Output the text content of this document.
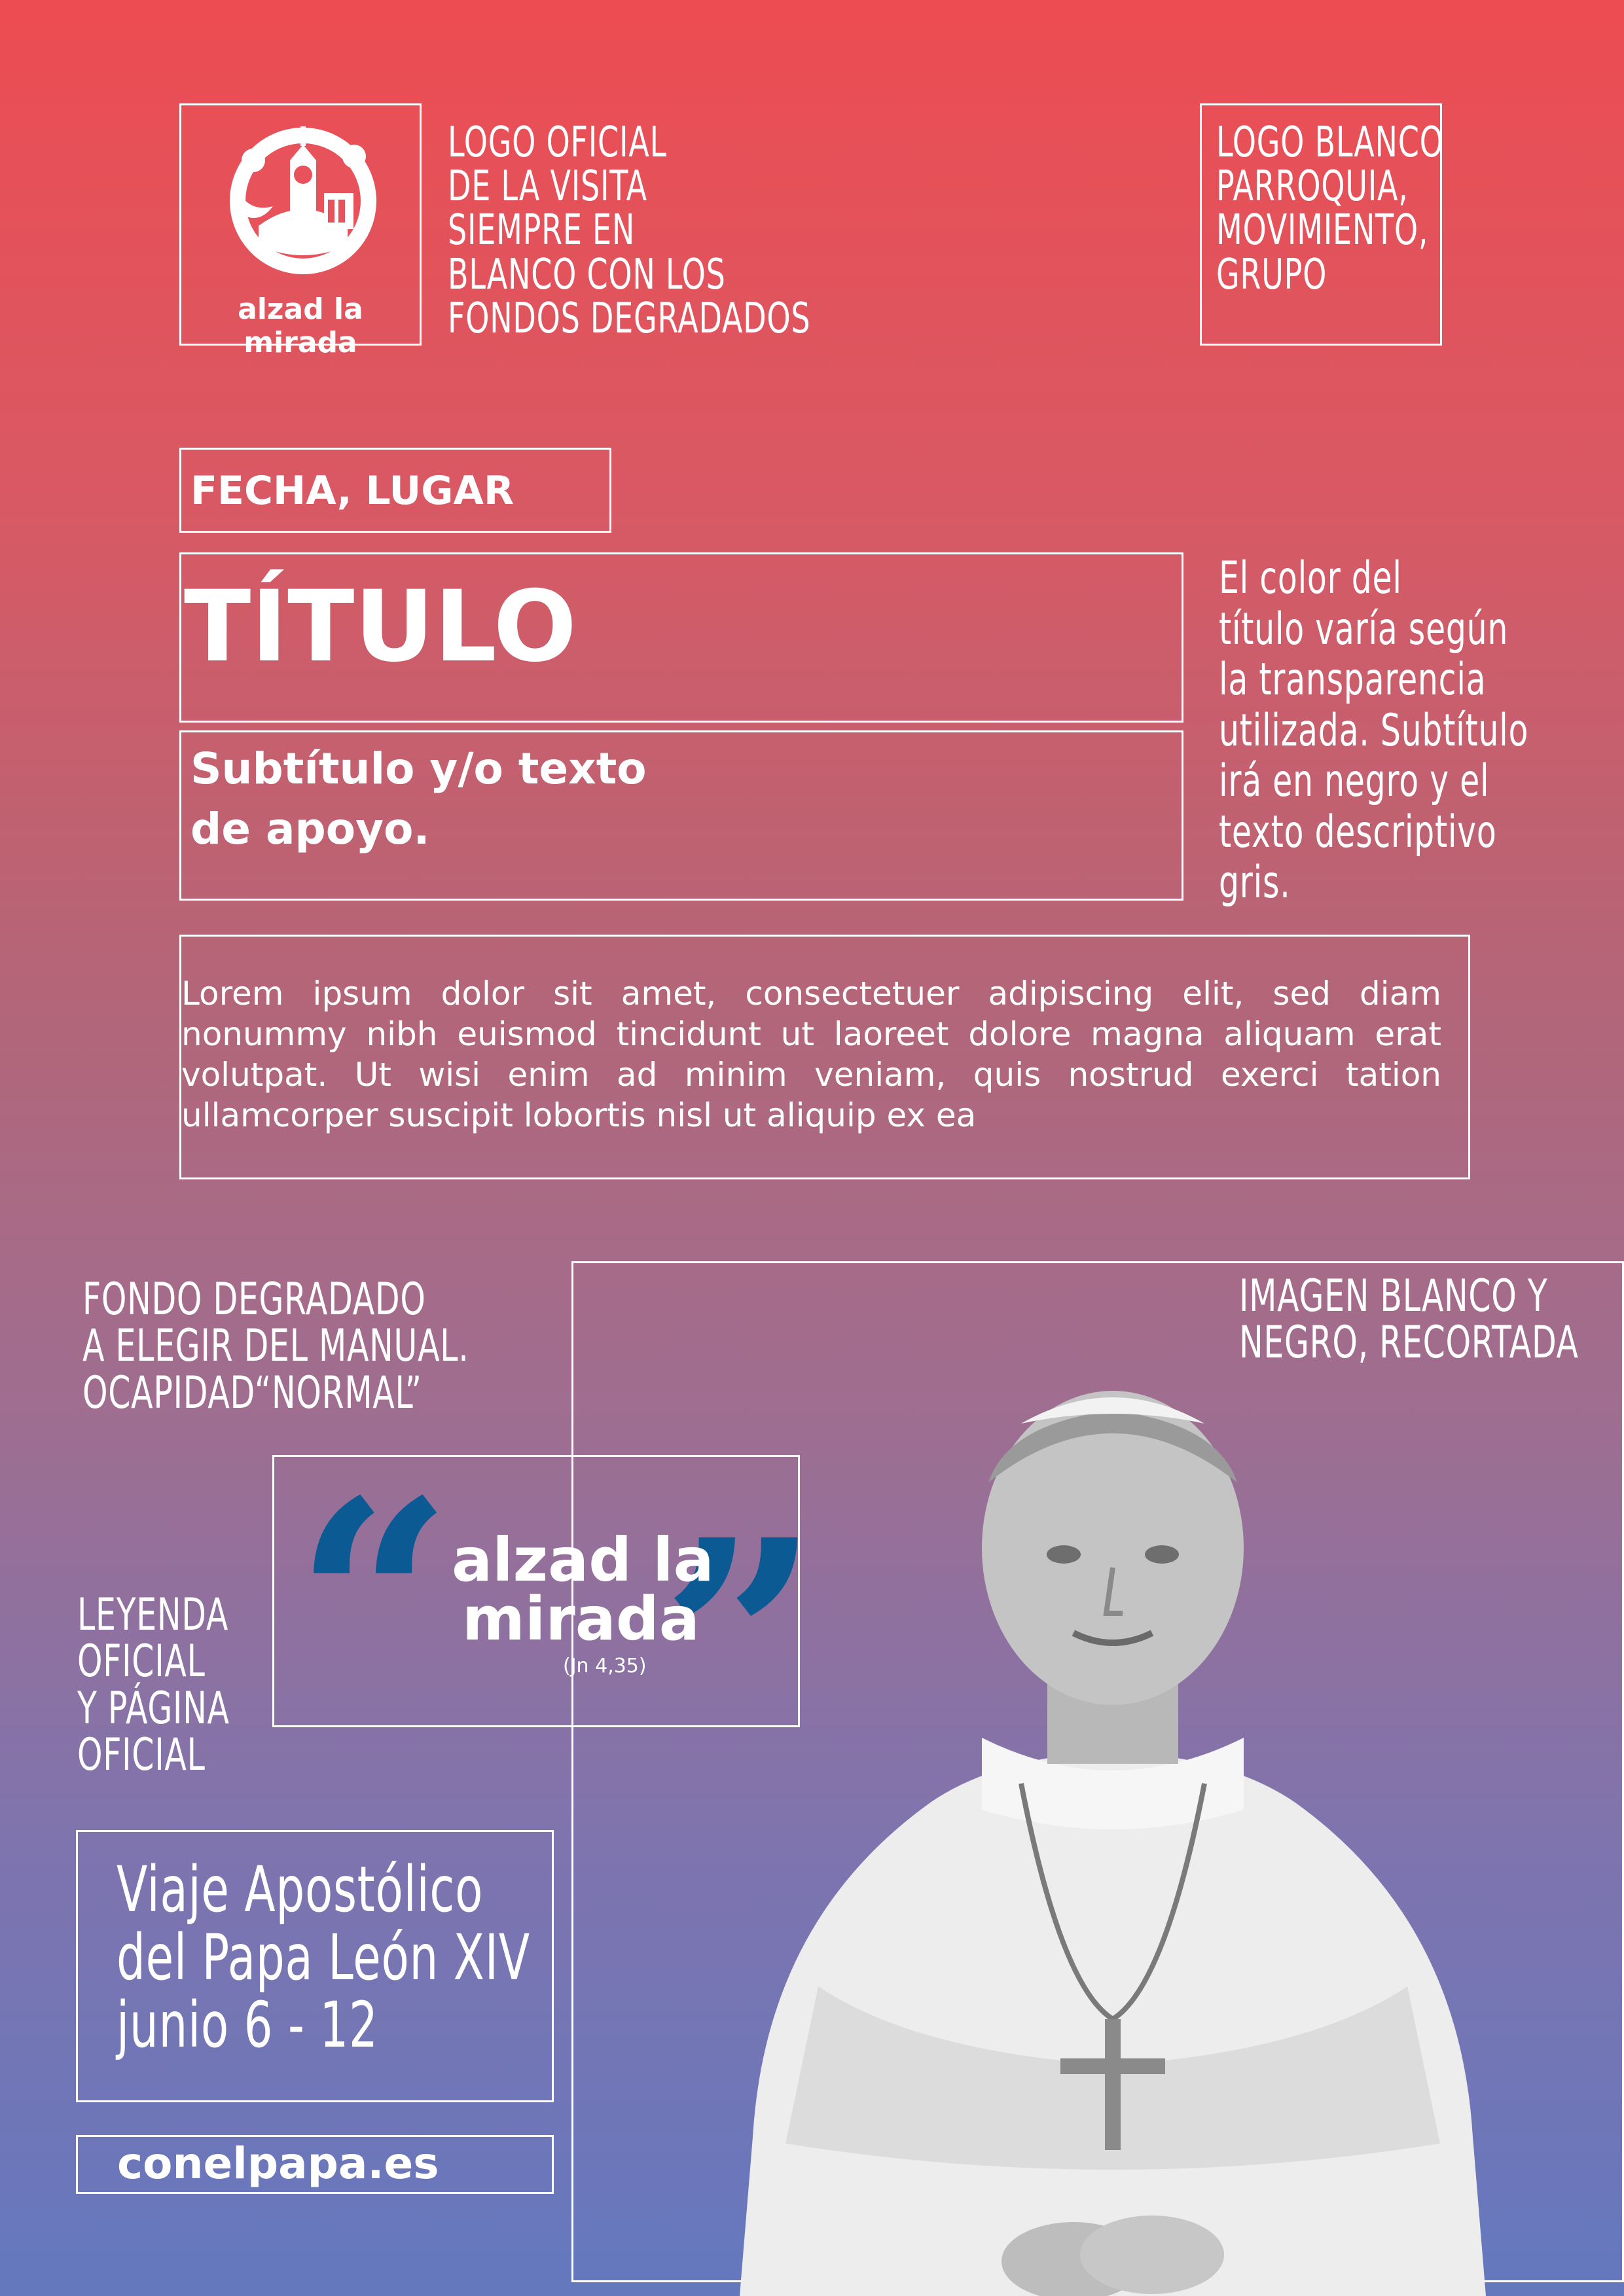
alzad la mirada
LOGO OFICIAL
DE LA VISITA
SIEMPRE EN
BLANCO CON LOS
FONDOS DEGRADADOS
LOGO BLANCO
PARROQUIA,
MOVIMIENTO,
GRUPO
FECHA, LUGAR
TÍTULO
Subtítulo y/o texto
de apoyo.
El color del
título varía según
la transparencia
utilizada. Subtítulo
irá en negro y el
texto descriptivo
gris.
Lorem ipsum dolor sit amet, consectetuer adipiscing elit, sed diam nonummy nibh euismod tincidunt ut laoreet dolore magna aliquam erat volutpat. Ut wisi enim ad minim veniam, quis nostrud exerci tation ullamcorper suscipit lobortis nisl ut aliquip ex ea
FONDO DEGRADADO
A ELEGIR DEL MANUAL.
OCAPIDAD“NORMAL”
IMAGEN BLANCO Y
NEGRO, RECORTADA
“ ”
alzad la
mirada
(Jn 4,35)
LEYENDA
OFICIAL
Y PÁGINA
OFICIAL
Viaje Apostólico
del Papa León XIV
junio 6 - 12
conelpapa.es
